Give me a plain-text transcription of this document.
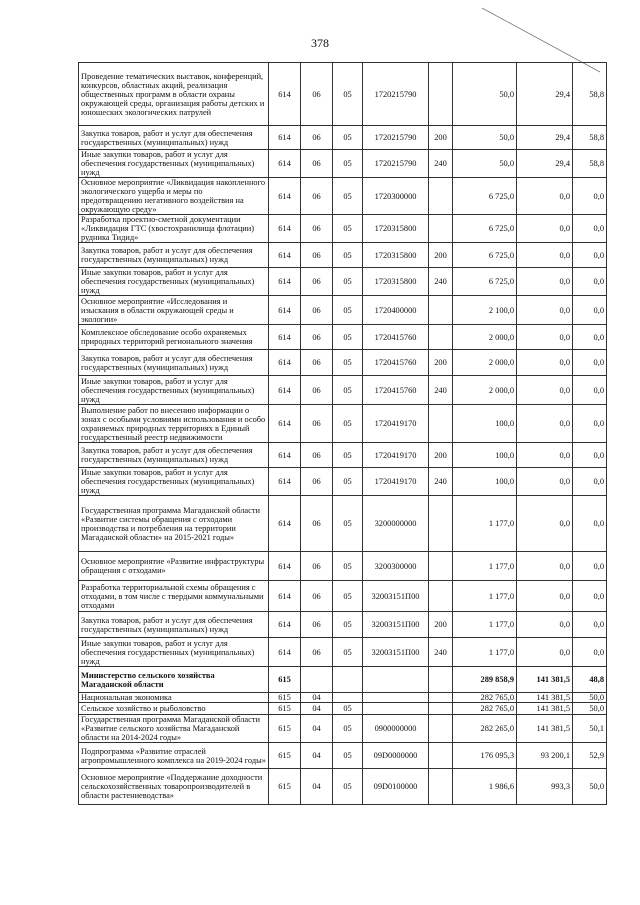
378
Проведение тематических выставок, конференций, конкурсов, областных акций, реализация общественных программ в области охраны окружающей среды, организация работы детских и юношеских экологических патрулей	614	06	05	1720215790		50,0	29,4	58,8
Закупка товаров, работ и услуг для обеспечения государственных (муниципальных) нужд	614	06	05	1720215790	200	50,0	29,4	58,8
Иные закупки товаров, работ и услуг для обеспечения государственных (муниципальных) нужд	614	06	05	1720215790	240	50,0	29,4	58,8
Основное мероприятие «Ликвидация накопленного экологического ущерба и меры по предотвращению негативного воздействия на окружающую среду»	614	06	05	1720300000		6 725,0	0,0	0,0
Разработка проектно-сметной документации «Ликвидация ГТС (хвостохранилища флотации) рудника Тидид»	614	06	05	1720315800		6 725,0	0,0	0,0
Закупка товаров, работ и услуг для обеспечения государственных (муниципальных) нужд	614	06	05	1720315800	200	6 725,0	0,0	0,0
Иные закупки товаров, работ и услуг для обеспечения государственных (муниципальных) нужд	614	06	05	1720315800	240	6 725,0	0,0	0,0
Основное мероприятие «Исследования и изыскания в области окружающей среды и экологии»	614	06	05	1720400000		2 100,0	0,0	0,0
Комплексное обследование особо охраняемых природных территорий регионального значения	614	06	05	1720415760		2 000,0	0,0	0,0
Закупка товаров, работ и услуг для обеспечения государственных (муниципальных) нужд	614	06	05	1720415760	200	2 000,0	0,0	0,0
Иные закупки товаров, работ и услуг для обеспечения государственных (муниципальных) нужд	614	06	05	1720415760	240	2 000,0	0,0	0,0
Выполнение работ по внесению информации о зонах с особыми условиями использования и особо охраняемых природных территориях в Единый государственный реестр недвижимости	614	06	05	1720419170		100,0	0,0	0,0
Закупка товаров, работ и услуг для обеспечения государственных (муниципальных) нужд	614	06	05	1720419170	200	100,0	0,0	0,0
Иные закупки товаров, работ и услуг для обеспечения государственных (муниципальных) нужд	614	06	05	1720419170	240	100,0	0,0	0,0
Государственная программа Магаданской области «Развитие системы обращения с отходами производства и потребления на территории Магаданской области» на 2015-2021 годы»	614	06	05	3200000000		1 177,0	0,0	0,0
Основное мероприятие «Развитие инфраструктуры обращения с отходами»	614	06	05	3200300000		1 177,0	0,0	0,0
Разработка территориальной схемы обращения с отходами, в том числе с твердыми коммунальными отходами	614	06	05	32003151П00		1 177,0	0,0	0,0
Закупка товаров, работ и услуг для обеспечения государственных (муниципальных) нужд	614	06	05	32003151П00	200	1 177,0	0,0	0,0
Иные закупки товаров, работ и услуг для обеспечения государственных (муниципальных) нужд	614	06	05	32003151П00	240	1 177,0	0,0	0,0
Министерство сельского хозяйства Магаданской области	615					289 858,9	141 381,5	48,8
Национальная экономика	615	04				282 765,0	141 381,5	50,0
Сельское хозяйство и рыболовство	615	04	05			282 765,0	141 381,5	50,0
Государственная программа Магаданской области «Развитие сельского хозяйства Магаданской области на 2014-2024 годы»	615	04	05	0900000000		282 265,0	141 381,5	50,1
Подпрограмма «Развитие отраслей агропромышленного комплекса на 2019-2024 годы»	615	04	05	09D0000000		176 095,3	93 200,1	52,9
Основное мероприятие «Поддержание доходности сельскохозяйственных товаропроизводителей в области растениеводства»	615	04	05	09D0100000		1 986,6	993,3	50,0
